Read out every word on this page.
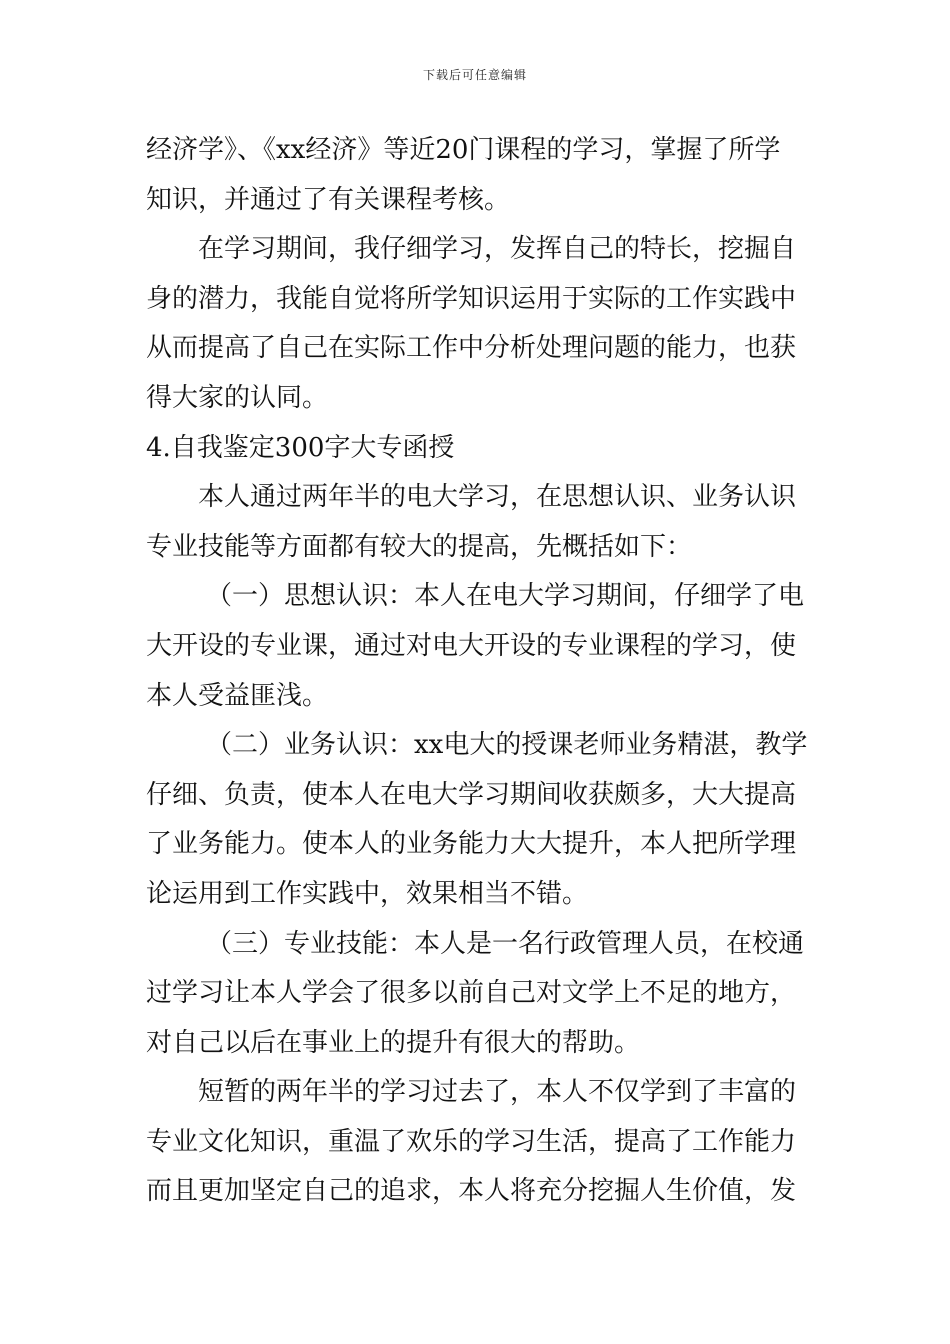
下载后可任意编辑
经济学》、《xx经济》等近20门课程的学习，掌握了所学
知识，并通过了有关课程考核。
在学习期间，我仔细学习，发挥自己的特长，挖掘自
身的潜力，我能自觉将所学知识运用于实际的工作实践中
从而提高了自己在实际工作中分析处理问题的能力，也获
得大家的认同。
4.自我鉴定300字大专函授
本人通过两年半的电大学习，在思想认识、业务认识
专业技能等方面都有较大的提高，先概括如下：
（一）思想认识：本人在电大学习期间，仔细学了电
大开设的专业课，通过对电大开设的专业课程的学习，使
本人受益匪浅。
（二）业务认识：xx电大的授课老师业务精湛，教学
仔细、负责，使本人在电大学习期间收获颇多，大大提高
了业务能力。使本人的业务能力大大提升，本人把所学理
论运用到工作实践中，效果相当不错。
（三）专业技能：本人是一名行政管理人员，在校通
过学习让本人学会了很多以前自己对文学上不足的地方，
对自己以后在事业上的提升有很大的帮助。
短暂的两年半的学习过去了，本人不仅学到了丰富的
专业文化知识，重温了欢乐的学习生活，提高了工作能力
而且更加坚定自己的追求，本人将充分挖掘人生价值，发
